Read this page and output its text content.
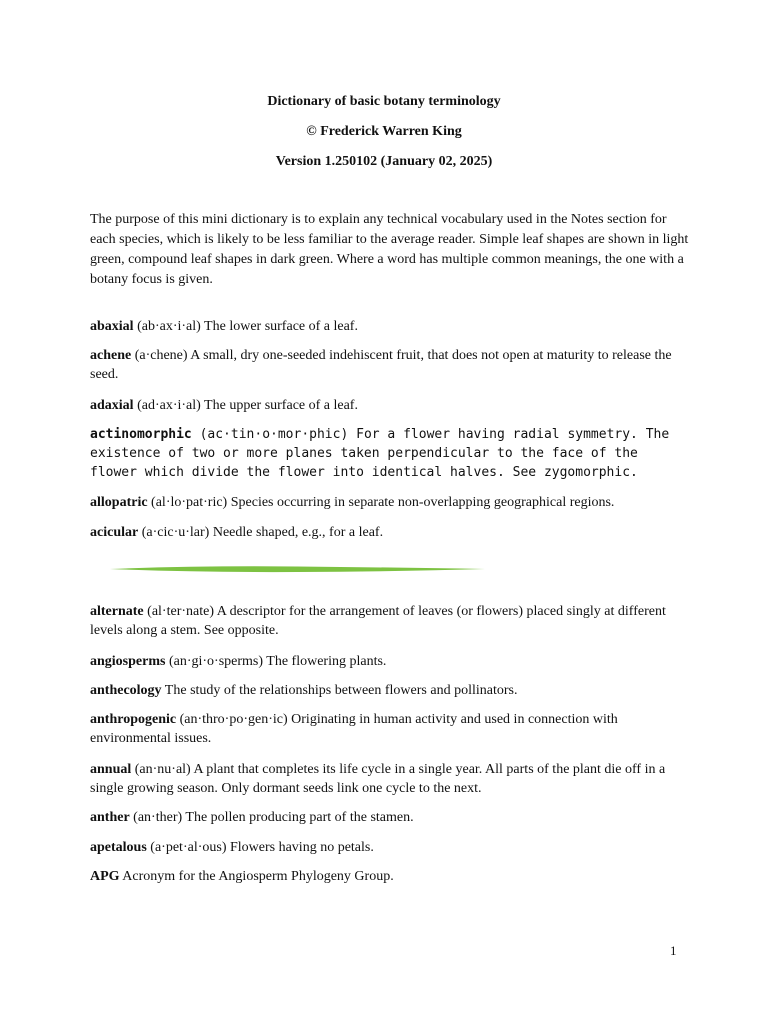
Dictionary of basic botany terminology
© Frederick Warren King
Version 1.250102 (January 02, 2025)
The purpose of this mini dictionary is to explain any technical vocabulary used in the Notes section for each species, which is likely to be less familiar to the average reader. Simple leaf shapes are shown in light green, compound leaf shapes in dark green. Where a word has multiple common meanings, the one with a botany focus is given.
abaxial (ab·ax·i·al) The lower surface of a leaf.
achene (a·chene) A small, dry one-seeded indehiscent fruit, that does not open at maturity to release the seed.
adaxial (ad·ax·i·al) The upper surface of a leaf.
actinomorphic (ac·tin·o·mor·phic) For a flower having radial symmetry. The existence of two or more planes taken perpendicular to the face of the flower which divide the flower into identical halves. See zygomorphic.
allopatric (al·lo·pat·ric) Species occurring in separate non-overlapping geographical regions.
acicular (a·cic·u·lar) Needle shaped, e.g., for a leaf.
alternate (al·ter·nate) A descriptor for the arrangement of leaves (or flowers) placed singly at different levels along a stem. See opposite.
angiosperms (an·gi·o·sperms) The flowering plants.
anthecology The study of the relationships between flowers and pollinators.
anthropogenic (an·thro·po·gen·ic) Originating in human activity and used in connection with environmental issues.
annual (an·nu·al) A plant that completes its life cycle in a single year. All parts of the plant die off in a single growing season. Only dormant seeds link one cycle to the next.
anther (an·ther) The pollen producing part of the stamen.
apetalous (a·pet·al·ous) Flowers having no petals.
APG Acronym for the Angiosperm Phylogeny Group.
1
